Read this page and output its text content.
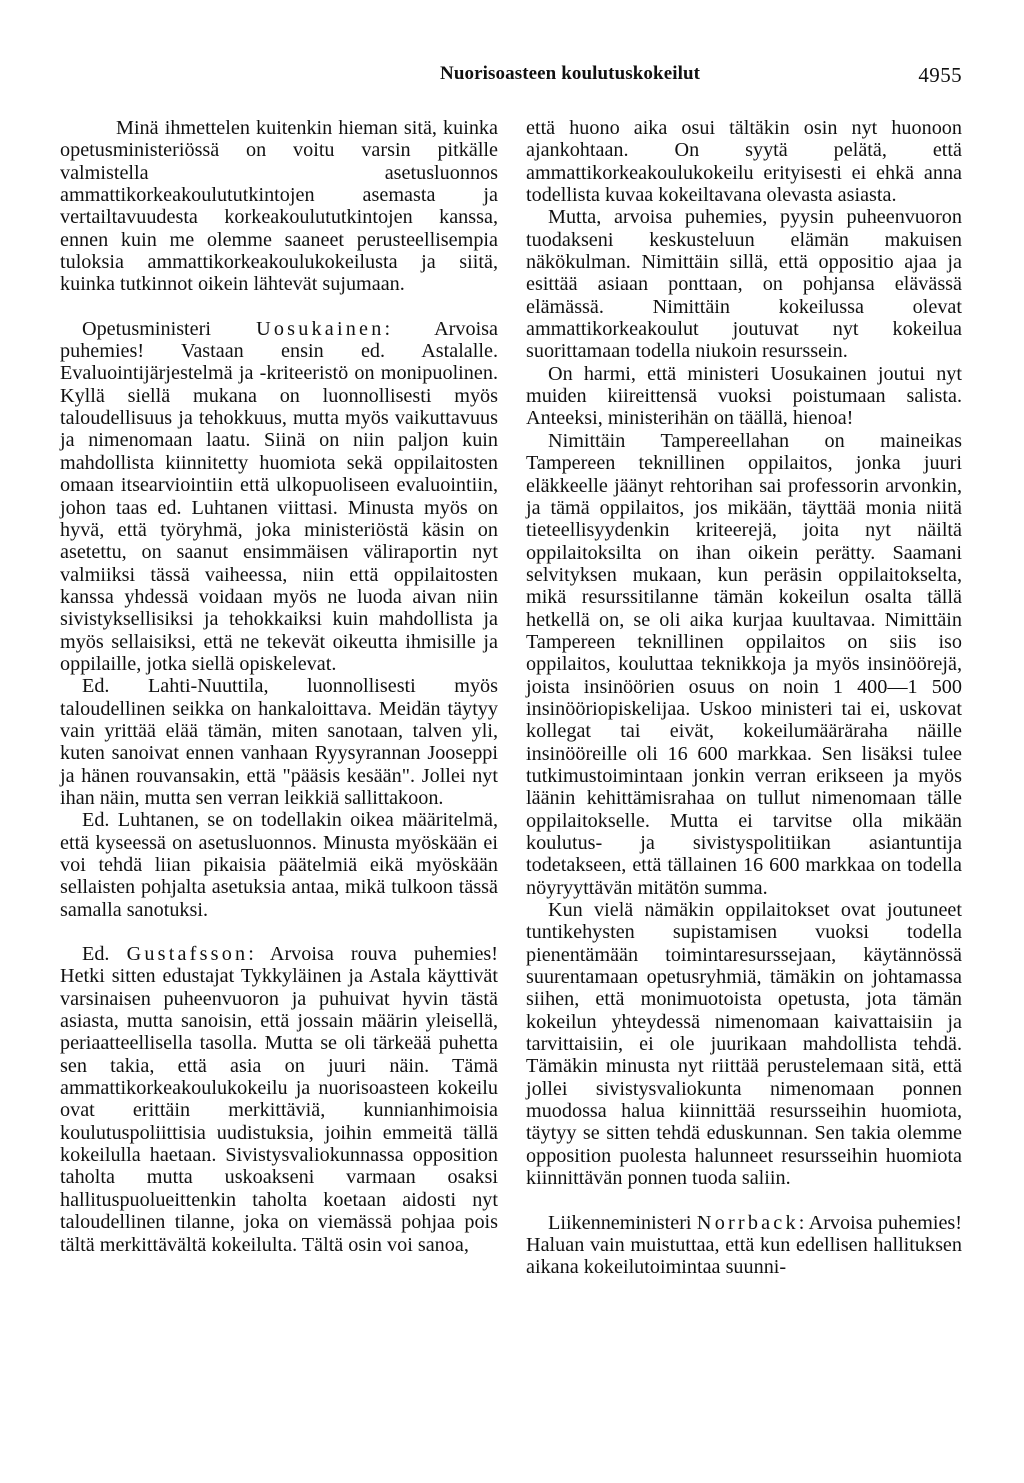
Nuorisoasteen koulutuskokeilut	4955

Minä ihmettelen kuitenkin hieman sitä, kuinka opetusministeriössä on voitu varsin pitkälle valmistella asetusluonnos ammattikorkeakoulututkintojen asemasta ja vertailtavuudesta korkeakoulututkintojen kanssa, ennen kuin me olemme saaneet perusteellisempia tuloksia ammattikorkeakoulukokeilusta ja siitä, kuinka tutkinnot oikein lähtevät sujumaan.

Opetusministeri Uosukainen: Arvoisa puhemies! Vastaan ensin ed. Astalalle. Evaluointijärjestelmä ja -kriteeristö on monipuolinen. Kyllä siellä mukana on luonnollisesti myös taloudellisuus ja tehokkuus, mutta myös vaikuttavuus ja nimenomaan laatu. Siinä on niin paljon kuin mahdollista kiinnitetty huomiota sekä oppilaitosten omaan itsearviointiin että ulkopuoliseen evaluointiin, johon taas ed. Luhtanen viittasi. Minusta myös on hyvä, että työryhmä, joka ministeriöstä käsin on asetettu, on saanut ensimmäisen väliraportin nyt valmiiksi tässä vaiheessa, niin että oppilaitosten kanssa yhdessä voidaan myös ne luoda aivan niin sivistyksellisiksi ja tehokkaiksi kuin mahdollista ja myös sellaisiksi, että ne tekevät oikeutta ihmisille ja oppilaille, jotka siellä opiskelevat.

Ed. Lahti-Nuuttila, luonnollisesti myös taloudellinen seikka on hankaloittava. Meidän täytyy vain yrittää elää tämän, miten sanotaan, talven yli, kuten sanoivat ennen vanhaan Ryysyrannan Jooseppi ja hänen rouvansakin, että "pääsis kesään". Jollei nyt ihan näin, mutta sen verran leikkiä sallittakoon.

Ed. Luhtanen, se on todellakin oikea määritelmä, että kyseessä on asetusluonnos. Minusta myöskään ei voi tehdä liian pikaisia päätelmiä eikä myöskään sellaisten pohjalta asetuksia antaa, mikä tulkoon tässä samalla sanotuksi.

Ed. Gustafsson: Arvoisa rouva puhemies! Hetki sitten edustajat Tykkyläinen ja Astala käyttivät varsinaisen puheenvuoron ja puhuivat hyvin tästä asiasta, mutta sanoisin, että jossain määrin yleisellä, periaatteellisella tasolla. Mutta se oli tärkeää puhetta sen takia, että asia on juuri näin. Tämä ammattikorkeakoulukokeilu ja nuorisoasteen kokeilu ovat erittäin merkittäviä, kunnianhimoisia koulutuspoliittisia uudistuksia, joihin emmeitä tällä kokeilulla haetaan. Sivistysvaliokunnassa opposition taholta mutta uskoakseni varmaan osaksi hallituspuolueittenkin taholta koetaan aidosti nyt taloudellinen tilanne, joka on viemässä pohjaa pois tältä merkittävältä kokeilulta. Tältä osin voi sanoa,

että huono aika osui tältäkin osin nyt huonoon ajankohtaan. On syytä pelätä, että ammattikorkeakoulukokeilu erityisesti ei ehkä anna todellista kuvaa kokeiltavana olevasta asiasta.

Mutta, arvoisa puhemies, pyysin puheenvuoron tuodakseni keskusteluun elämän makuisen näkökulman. Nimittäin sillä, että oppositio ajaa ja esittää asiaan ponttaan, on pohjansa elävässä elämässä. Nimittäin kokeilussa olevat ammattikorkeakoulut joutuvat nyt kokeilua suorittamaan todella niukoin resurssein.

On harmi, että ministeri Uosukainen joutui nyt muiden kiireittensä vuoksi poistumaan salista. Anteeksi, ministerihän on täällä, hienoa!

Nimittäin Tampereellahan on maineikas Tampereen teknillinen oppilaitos, jonka juuri eläkkeelle jäänyt rehtorihan sai professorin arvonkin, ja tämä oppilaitos, jos mikään, täyttää monia niitä tieteellisyydenkin kriteerejä, joita nyt näiltä oppilaitoksilta on ihan oikein perätty. Saamani selvityksen mukaan, kun peräsin oppilaitokselta, mikä resurssitilanne tämän kokeilun osalta tällä hetkellä on, se oli aika kurjaa kuultavaa. Nimittäin Tampereen teknillinen oppilaitos on siis iso oppilaitos, kouluttaa teknikkoja ja myös insinöörejä, joista insinöörien osuus on noin 1 400—1 500 insinööriopiskelijaa. Uskoo ministeri tai ei, uskovat kollegat tai eivät, kokeilumääräraha näille insinööreille oli 16 600 markkaa. Sen lisäksi tulee tutkimustoimintaan jonkin verran erikseen ja myös läänin kehittämisrahaa on tullut nimenomaan tälle oppilaitokselle. Mutta ei tarvitse olla mikään koulutus- ja sivistyspolitiikan asiantuntija todetakseen, että tällainen 16 600 markkaa on todella nöyryyttävän mitätön summa.

Kun vielä nämäkin oppilaitokset ovat joutuneet tuntikehysten supistamisen vuoksi todella pienentämään toimintaresurssejaan, käytännössä suurentamaan opetusryhmiä, tämäkin on johtamassa siihen, että monimuotoista opetusta, jota tämän kokeilun yhteydessä nimenomaan kaivattaisiin ja tarvittaisiin, ei ole juurikaan mahdollista tehdä. Tämäkin minusta nyt riittää perustelemaan sitä, että jollei sivistysvaliokunta nimenomaan ponnen muodossa halua kiinnittää resursseihin huomiota, täytyy se sitten tehdä eduskunnan. Sen takia olemme opposition puolesta halunneet resursseihin huomiota kiinnittävän ponnen tuoda saliin.

Liikenneministeri Norrback: Arvoisa puhemies! Haluan vain muistuttaa, että kun edellisen hallituksen aikana kokeilutoimintaa suunni-
